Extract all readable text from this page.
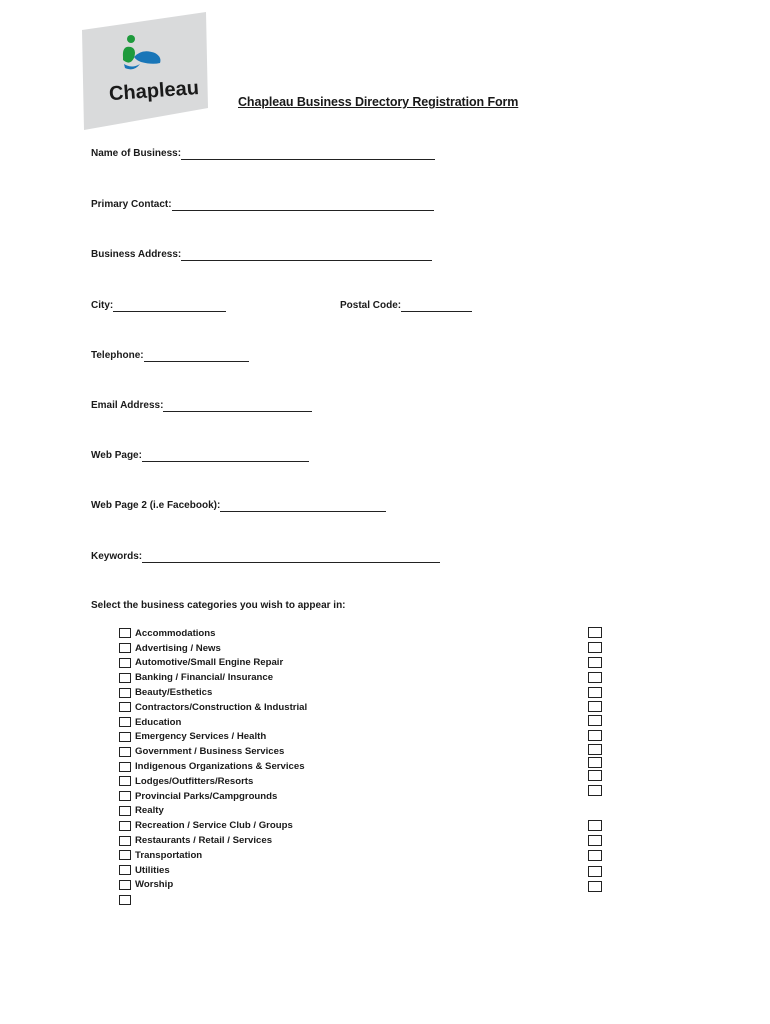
Chapleau	Chapleau Business Directory Registration Form
Name of Business:
Primary Contact:
Business Address:
City:	Postal Code:
Telephone:
Email Address:
Web Page:
Web Page 2 (i.e Facebook):
Keywords:
Select the business categories you wish to appear in:
Accommodations
Advertising / News
Automotive/Small Engine Repair
Banking / Financial/ Insurance
Beauty/Esthetics
Contractors/Construction & Industrial
Education
Emergency Services / Health
Government / Business Services
Indigenous Organizations & Services
Lodges/Outfitters/Resorts
Provincial Parks/Campgrounds
Realty
Recreation / Service Club / Groups
Restaurants / Retail / Services
Transportation
Utilities
Worship
